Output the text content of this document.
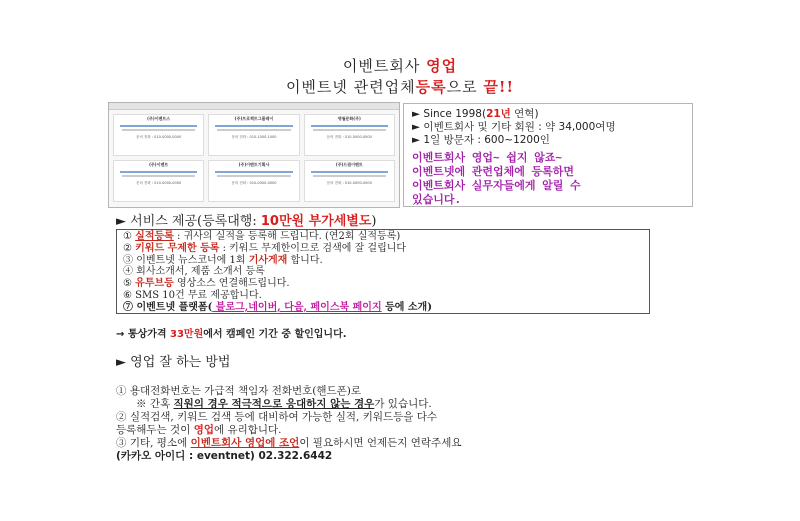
이벤트회사 영업
이벤트넷 관련업체등록으로 끝!!
(주)이벤트스
문의 전화 : 010-0000-0000
(주)프로젝트그룹레이
문의 전화 : 010-1000-1000
명월문화(주)
문의 전화 : 010-0000-0000
(주)이벤트
문의 전화 : 010-0000-0000
(주)이벤트기획사
문의 전화 : 010-0000-0000
(주)드림이벤트
문의 전화 : 010-0000-0000
► Since 1998(21년 연혁)
► 이벤트회사 및 기타 회원 : 약 34,000여명
► 1일 방문자 : 600~1200인
이벤트회사 영업~ 쉽지 않죠~
이벤트넷에 관련업체에 등록하면
이벤트회사 실무자들에게 알릴 수
있습니다.
► 서비스 제공(등록대행: 10만원 부가세별도)
① 실적등록 : 귀사의 실적을 등록해 드립니다. (연2회 실적등록)
② 키워드 무제한 등록 : 키워드 무제한이므로 검색에 잘 걸립니다
③ 이벤트넷 뉴스코너에 1회 기사게재 합니다.
④ 회사소개서, 제품 소개서 등록
⑤ 유투브등 영상소스 연결해드립니다.
⑥ SMS 10건 무료 제공합니다.
⑦ 이벤트넷 플랫폼( 블로그,네이버, 다음, 페이스북 페이지 등에 소개)
→ 통상가격 33만원에서 캠페인 기간 중 할인입니다.
► 영업 잘 하는 방법
① 용대전화번호는 가급적 책임자 전화번호(핸드폰)로
※ 간혹 직원의 경우 적극적으로 응대하지 않는 경우가 있습니다.
② 실적검색, 키워드 검색 등에 대비하여 가능한 실적, 키워드등을 다수
등록해두는 것이 영업에 유리합니다.
③ 기타, 평소에 이벤트회사 영업에 조언이 필요하시면 언제든지 연락주세요
(카카오 아이디 : eventnet) 02.322.6442
